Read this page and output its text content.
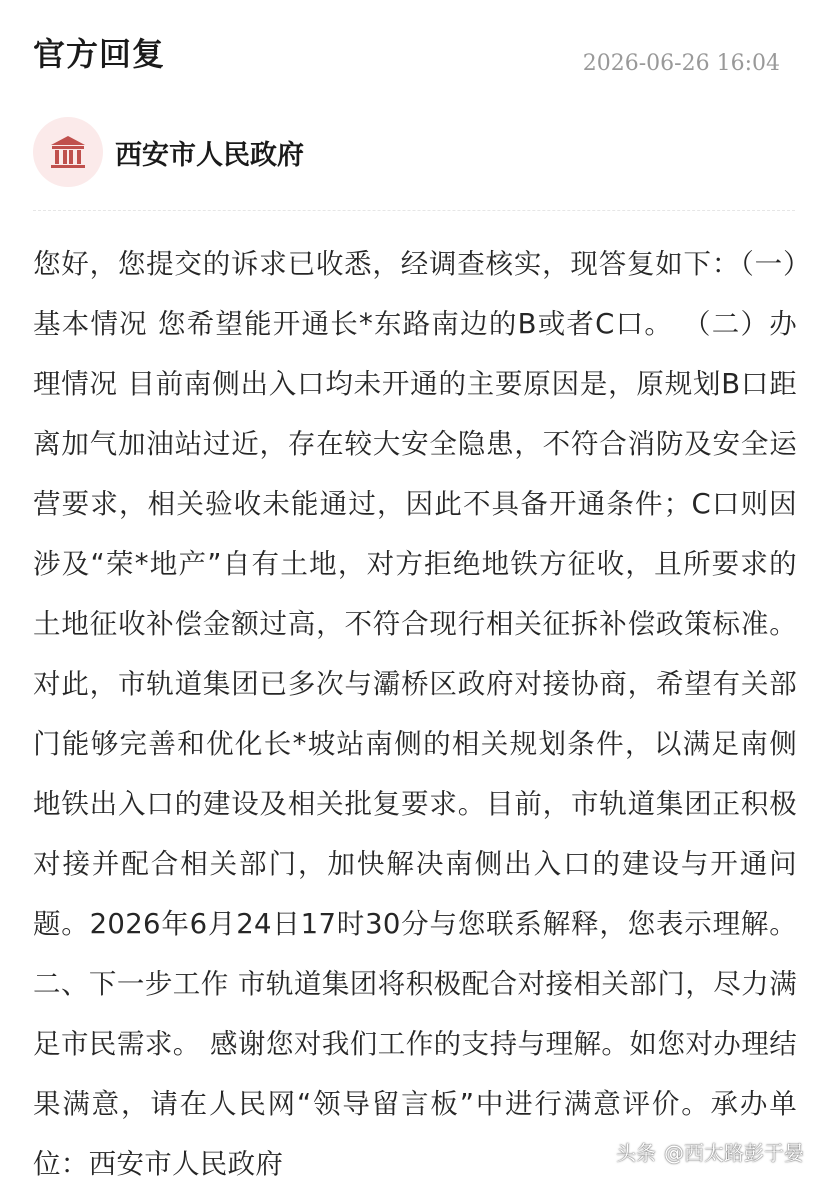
官方回复	2026-06-26 16:04
西安市人民政府

您好，您提交的诉求已收悉，经调查核实，现答复如下：（一）基本情况 您希望能开通长*东路南边的B或者C口。 （二）办理情况 目前南侧出入口均未开通的主要原因是，原规划B口距离加气加油站过近，存在较大安全隐患，不符合消防及安全运营要求，相关验收未能通过，因此不具备开通条件；C口则因涉及“荣*地产”自有土地，对方拒绝地铁方征收，且所要求的土地征收补偿金额过高，不符合现行相关征拆补偿政策标准。对此，市轨道集团已多次与灞桥区政府对接协商，希望有关部门能够完善和优化长*坡站南侧的相关规划条件，以满足南侧地铁出入口的建设及相关批复要求。目前，市轨道集团正积极对接并配合相关部门，加快解决南侧出入口的建设与开通问题。2026年6月24日17时30分与您联系解释，您表示理解。 二、下一步工作 市轨道集团将积极配合对接相关部门，尽力满足市民需求。 感谢您对我们工作的支持与理解。如您对办理结果满意，请在人民网“领导留言板”中进行满意评价。承办单位：西安市人民政府	头条 @西太路彭于晏
